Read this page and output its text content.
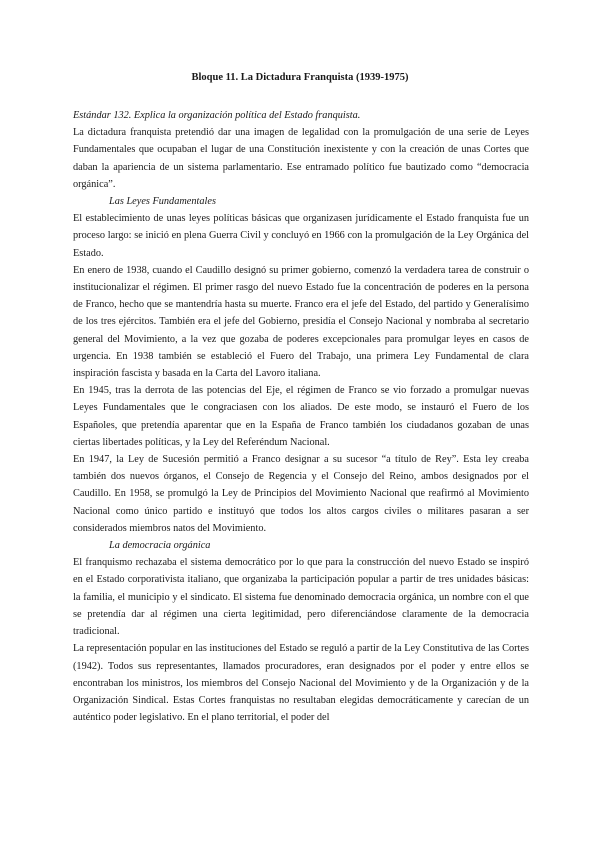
Bloque 11. La Dictadura Franquista (1939-1975)

Estándar 132. Explica la organización política del Estado franquista.

La dictadura franquista pretendió dar una imagen de legalidad con la promulgación de una serie de Leyes Fundamentales que ocupaban el lugar de una Constitución inexistente y con la creación de unas Cortes que daban la apariencia de un sistema parlamentario. Ese entramado político fue bautizado como “democracia orgánica”.

Las Leyes Fundamentales

El establecimiento de unas leyes políticas básicas que organizasen jurídicamente el Estado franquista fue un proceso largo: se inició en plena Guerra Civil y concluyó en 1966 con la promulgación de la Ley Orgánica del Estado.

En enero de 1938, cuando el Caudillo designó su primer gobierno, comenzó la verdadera tarea de construir o institucionalizar el régimen. El primer rasgo del nuevo Estado fue la concentración de poderes en la persona de Franco, hecho que se mantendría hasta su muerte. Franco era el jefe del Estado, del partido y Generalísimo de los tres ejércitos. También era el jefe del Gobierno, presidía el Consejo Nacional y nombraba al secretario general del Movimiento, a la vez que gozaba de poderes excepcionales para promulgar leyes en casos de urgencia. En 1938 también se estableció el Fuero del Trabajo, una primera Ley Fundamental de clara inspiración fascista y basada en la Carta del Lavoro italiana.

En 1945, tras la derrota de las potencias del Eje, el régimen de Franco se vio forzado a promulgar nuevas Leyes Fundamentales que le congraciasen con los aliados. De este modo, se instauró el Fuero de los Españoles, que pretendía aparentar que en la España de Franco también los ciudadanos gozaban de unas ciertas libertades políticas, y la Ley del Referéndum Nacional.

En 1947, la Ley de Sucesión permitió a Franco designar a su sucesor “a título de Rey”. Esta ley creaba también dos nuevos órganos, el Consejo de Regencia y el Consejo del Reino, ambos designados por el Caudillo. En 1958, se promulgó la Ley de Principios del Movimiento Nacional que reafirmó al Movimiento Nacional como único partido e instituyó que todos los altos cargos civiles o militares pasaran a ser considerados miembros natos del Movimiento.

La democracia orgánica

El franquismo rechazaba el sistema democrático por lo que para la construcción del nuevo Estado se inspiró en el Estado corporativista italiano, que organizaba la participación popular a partir de tres unidades básicas: la familia, el municipio y el sindicato. El sistema fue denominado democracia orgánica, un nombre con el que se pretendía dar al régimen una cierta legitimidad, pero diferenciándose claramente de la democracia tradicional.

La representación popular en las instituciones del Estado se reguló a partir de la Ley Constitutiva de las Cortes (1942). Todos sus representantes, llamados procuradores, eran designados por el poder y entre ellos se encontraban los ministros, los miembros del Consejo Nacional del Movimiento y de la Organización y de la Organización Sindical. Estas Cortes franquistas no resultaban elegidas democráticamente y carecían de un auténtico poder legislativo. En el plano territorial, el poder del
